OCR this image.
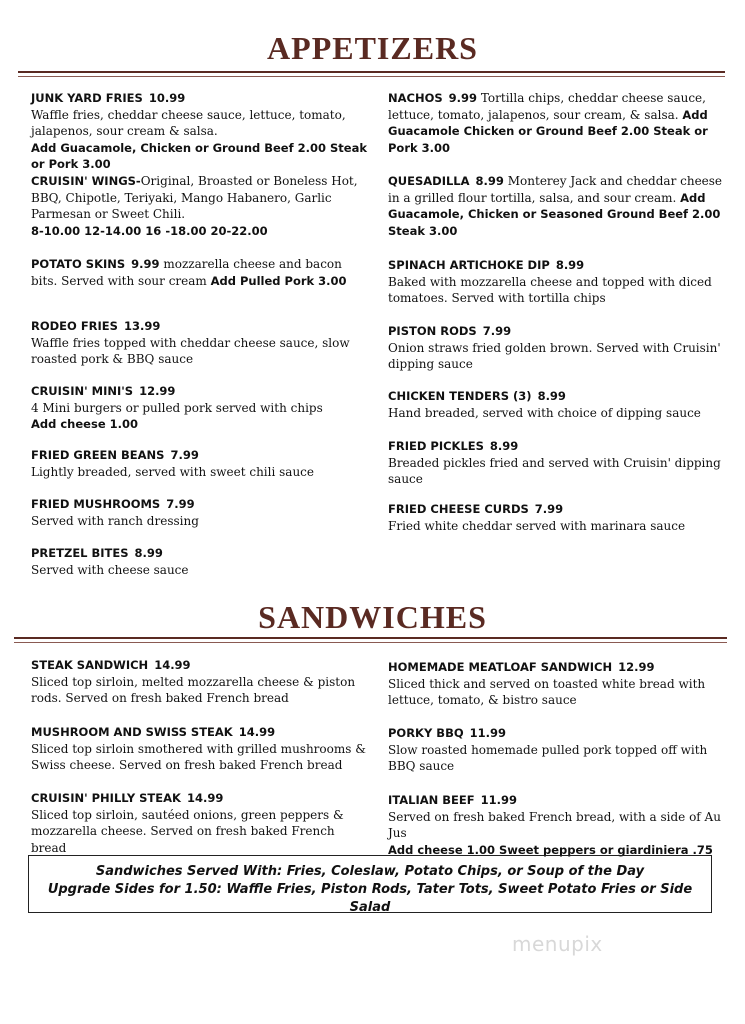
APPETIZERS
JUNK YARD FRIES 10.99
Waffle fries, cheddar cheese sauce, lettuce, tomato, jalapenos, sour cream & salsa.
Add Guacamole, Chicken or Ground Beef 2.00 Steak or Pork 3.00
CRUISIN' WINGS-Original, Broasted or Boneless Hot, BBQ, Chipotle, Teriyaki, Mango Habanero, Garlic Parmesan or Sweet Chili.
8-10.00 12-14.00 16 -18.00 20-22.00
POTATO SKINS 9.99 mozzarella cheese and bacon bits. Served with sour cream Add Pulled Pork 3.00
RODEO FRIES 13.99
Waffle fries topped with cheddar cheese sauce, slow roasted pork & BBQ sauce
CRUISIN' MINI'S 12.99
4 Mini burgers or pulled pork served with chips
Add cheese 1.00
FRIED GREEN BEANS 7.99
Lightly breaded, served with sweet chili sauce
FRIED MUSHROOMS 7.99
Served with ranch dressing
PRETZEL BITES 8.99
Served with cheese sauce
NACHOS 9.99 Tortilla chips, cheddar cheese sauce, lettuce, tomato, jalapenos, sour cream, & salsa. Add Guacamole Chicken or Ground Beef 2.00 Steak or Pork 3.00
QUESADILLA 8.99 Monterey Jack and cheddar cheese in a grilled flour tortilla, salsa, and sour cream. Add Guacamole, Chicken or Seasoned Ground Beef 2.00 Steak 3.00
SPINACH ARTICHOKE DIP 8.99
Baked with mozzarella cheese and topped with diced tomatoes. Served with tortilla chips
PISTON RODS 7.99
Onion straws fried golden brown. Served with Cruisin' dipping sauce
CHICKEN TENDERS (3) 8.99
Hand breaded, served with choice of dipping sauce
FRIED PICKLES 8.99
Breaded pickles fried and served with Cruisin' dipping sauce
FRIED CHEESE CURDS 7.99
Fried white cheddar served with marinara sauce
SANDWICHES
STEAK SANDWICH 14.99
Sliced top sirloin, melted mozzarella cheese & piston rods. Served on fresh baked French bread
MUSHROOM AND SWISS STEAK 14.99
Sliced top sirloin smothered with grilled mushrooms & Swiss cheese. Served on fresh baked French bread
CRUISIN' PHILLY STEAK 14.99
Sliced top sirloin, sautéed onions, green peppers & mozzarella cheese. Served on fresh baked French bread
HOMEMADE MEATLOAF SANDWICH 12.99
Sliced thick and served on toasted white bread with lettuce, tomato, & bistro sauce
PORKY BBQ 11.99
Slow roasted homemade pulled pork topped off with BBQ sauce
ITALIAN BEEF 11.99
Served on fresh baked French bread, with a side of Au Jus
Add cheese 1.00 Sweet peppers or giardiniera .75

Sandwiches Served With: Fries, Coleslaw, Potato Chips, or Soup of the Day

Upgrade Sides for 1.50: Waffle Fries, Piston Rods, Tater Tots, Sweet Potato Fries or Side Salad

menupix
